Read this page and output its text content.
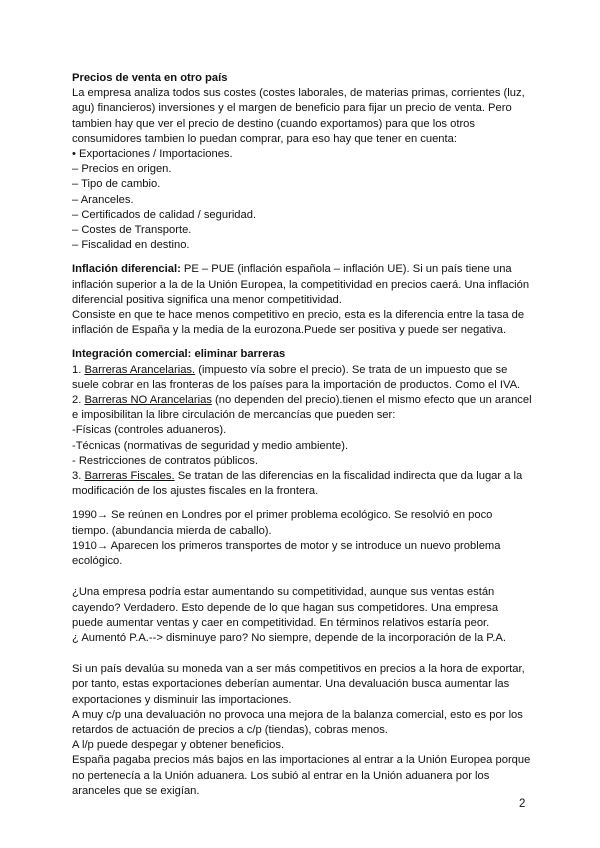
Precios de venta en otro país

La empresa analiza todos sus costes (costes laborales, de materias primas, corrientes (luz, agu) financieros) inversiones y el margen de beneficio para fijar un precio de venta. Pero tambien hay que ver el precio de destino (cuando exportamos) para que los otros consumidores tambien lo puedan comprar, para eso hay que tener en cuenta:

• Exportaciones / Importaciones.

– Precios en origen.

– Tipo de cambio.

– Aranceles.

– Certificados de calidad / seguridad.

– Costes de Transporte.

– Fiscalidad en destino.

Inflación diferencial: PE – PUE (inflación española – inflación UE). Si un país tiene una inflación superior a la de la Unión Europea, la competitividad en precios caerá. Una inflación diferencial positiva significa una menor competitividad.

Consiste en que te hace menos competitivo en precio, esta es la diferencia entre la tasa de inflación de España y la media de la eurozona.Puede ser positiva y puede ser negativa.

Integración comercial: eliminar barreras

1. Barreras Arancelarias. (impuesto vía sobre el precio). Se trata de un impuesto que se suele cobrar en las fronteras de los países para la importación de productos. Como el IVA.

2. Barreras NO Arancelarias (no dependen del precio).tienen el mismo efecto que un arancel e imposibilitan la libre circulación de mercancías que pueden ser:

-Físicas (controles aduaneros).

-Técnicas (normativas de seguridad y medio ambiente).

- Restricciones de contratos públicos.

3. Barreras Fiscales. Se tratan de las diferencias en la fiscalidad indirecta que da lugar a la modificación de los ajustes fiscales en la frontera.

1990→ Se reúnen en Londres por el primer problema ecológico. Se resolvió en poco tiempo. (abundancia mierda de caballo).

1910→ Aparecen los primeros transportes de motor y se introduce un nuevo problema ecológico.

¿Una empresa podría estar aumentando su competitividad, aunque sus ventas están cayendo? Verdadero. Esto depende de lo que hagan sus competidores. Una empresa puede aumentar ventas y caer en competitividad. En términos relativos estaría peor.

¿ Aumentó P.A.--> disminuye paro? No siempre, depende de la incorporación de la P.A.

Si un país devalúa su moneda van a ser más competitivos en precios a la hora de exportar, por tanto, estas exportaciones deberían aumentar. Una devaluación busca aumentar las exportaciones y disminuir las importaciones.

A muy c/p una devaluación no provoca una mejora de la balanza comercial, esto es por los retardos de actuación de precios a c/p (tiendas), cobras menos.

A l/p puede despegar y obtener beneficios.

España pagaba precios más bajos en las importaciones al entrar a la Unión Europea porque no pertenecía a la Unión aduanera. Los subió al entrar en la Unión aduanera por los aranceles que se exigían.

2
